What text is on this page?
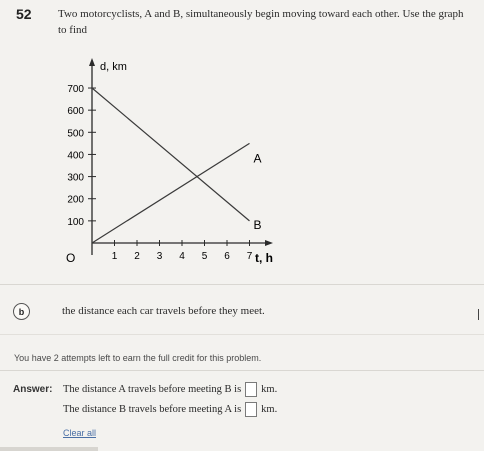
52 Two motorcyclists, A and B, simultaneously begin moving toward each other. Use the graph to find
100
200
300
400
500
600
700
1 2 3 4 5 6 7
d, km
t, h
O
B
A
b	the distance each car travels before they meet.
You have 2 attempts left to earn the full credit for this problem.
Answer: The distance A travels before meeting B is km.
The distance B travels before meeting A is km.
Clear all
